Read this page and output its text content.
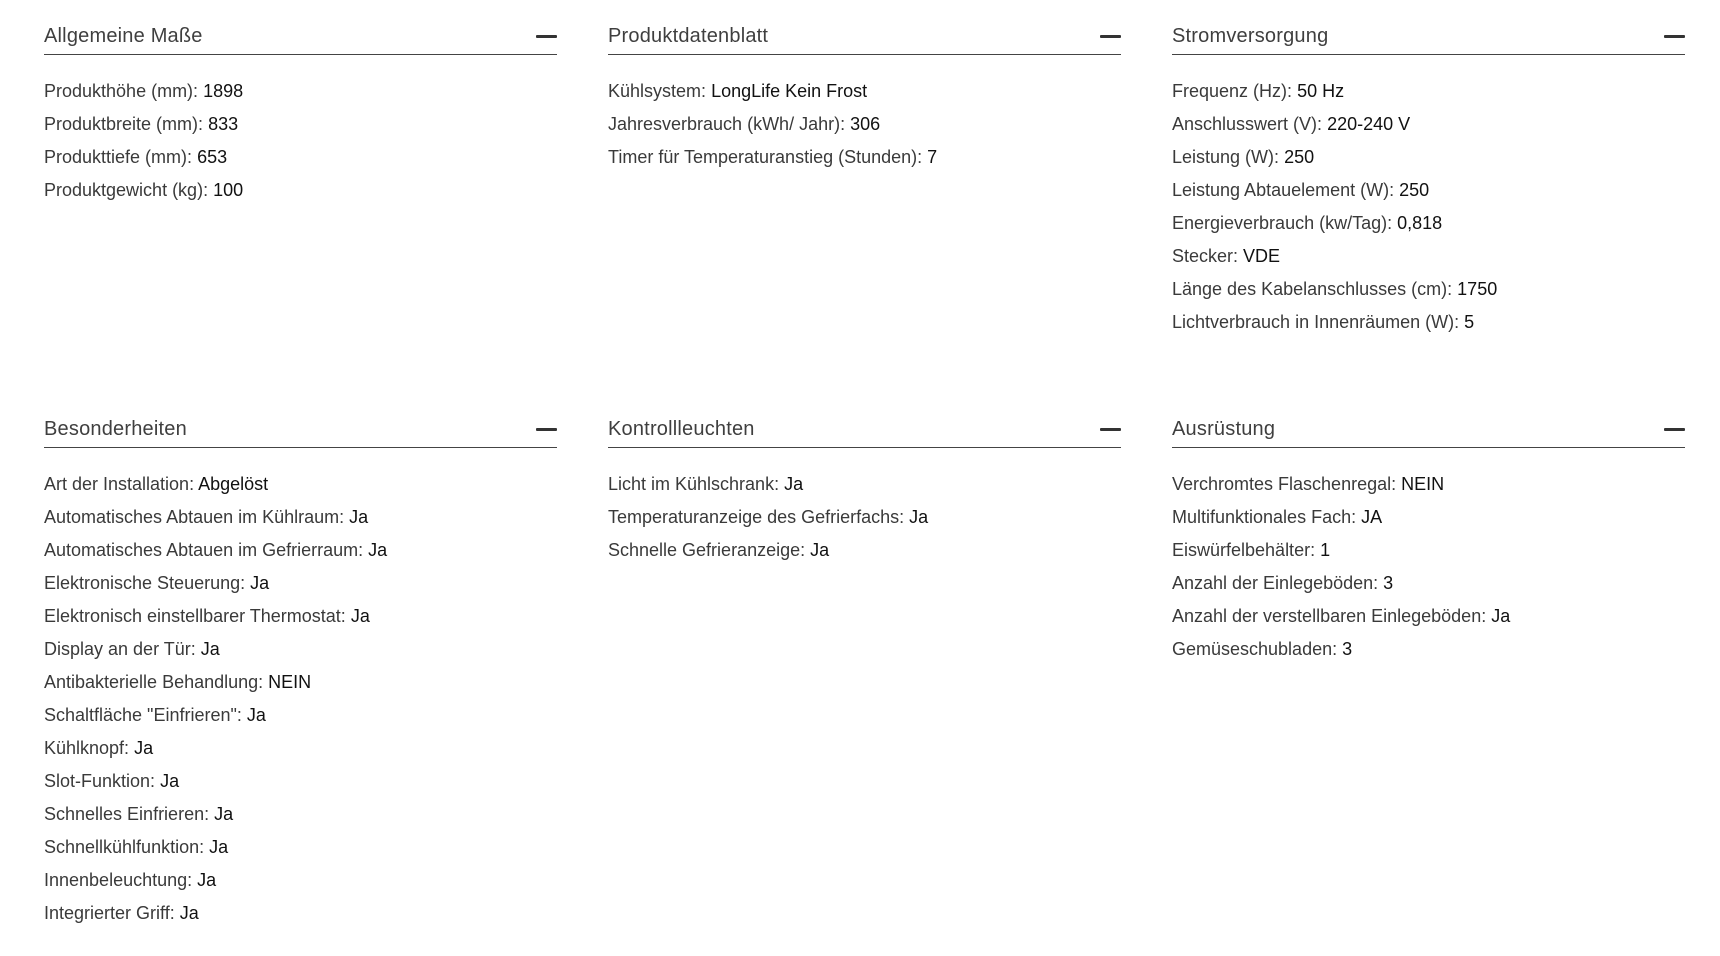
Allgemeine Maße
Produkthöhe (mm): 1898
Produktbreite (mm): 833
Produkttiefe (mm): 653
Produktgewicht (kg): 100
Produktdatenblatt
Kühlsystem: LongLife Kein Frost
Jahresverbrauch (kWh/ Jahr): 306
Timer für Temperaturanstieg (Stunden): 7
Stromversorgung
Frequenz (Hz): 50 Hz
Anschlusswert (V): 220-240 V
Leistung (W): 250
Leistung Abtauelement (W): 250
Energieverbrauch (kw/Tag): 0,818
Stecker: VDE
Länge des Kabelanschlusses (cm): 1750
Lichtverbrauch in Innenräumen (W): 5
Besonderheiten
Art der Installation: Abgelöst
Automatisches Abtauen im Kühlraum: Ja
Automatisches Abtauen im Gefrierraum: Ja
Elektronische Steuerung: Ja
Elektronisch einstellbarer Thermostat: Ja
Display an der Tür: Ja
Antibakterielle Behandlung: NEIN
Schaltfläche "Einfrieren": Ja
Kühlknopf: Ja
Slot-Funktion: Ja
Schnelles Einfrieren: Ja
Schnellkühlfunktion: Ja
Innenbeleuchtung: Ja
Integrierter Griff: Ja
Kontrollleuchten
Licht im Kühlschrank: Ja
Temperaturanzeige des Gefrierfachs: Ja
Schnelle Gefrieranzeige: Ja
Ausrüstung
Verchromtes Flaschenregal: NEIN
Multifunktionales Fach: JA
Eiswürfelbehälter: 1
Anzahl der Einlegeböden: 3
Anzahl der verstellbaren Einlegeböden: Ja
Gemüseschubladen: 3
